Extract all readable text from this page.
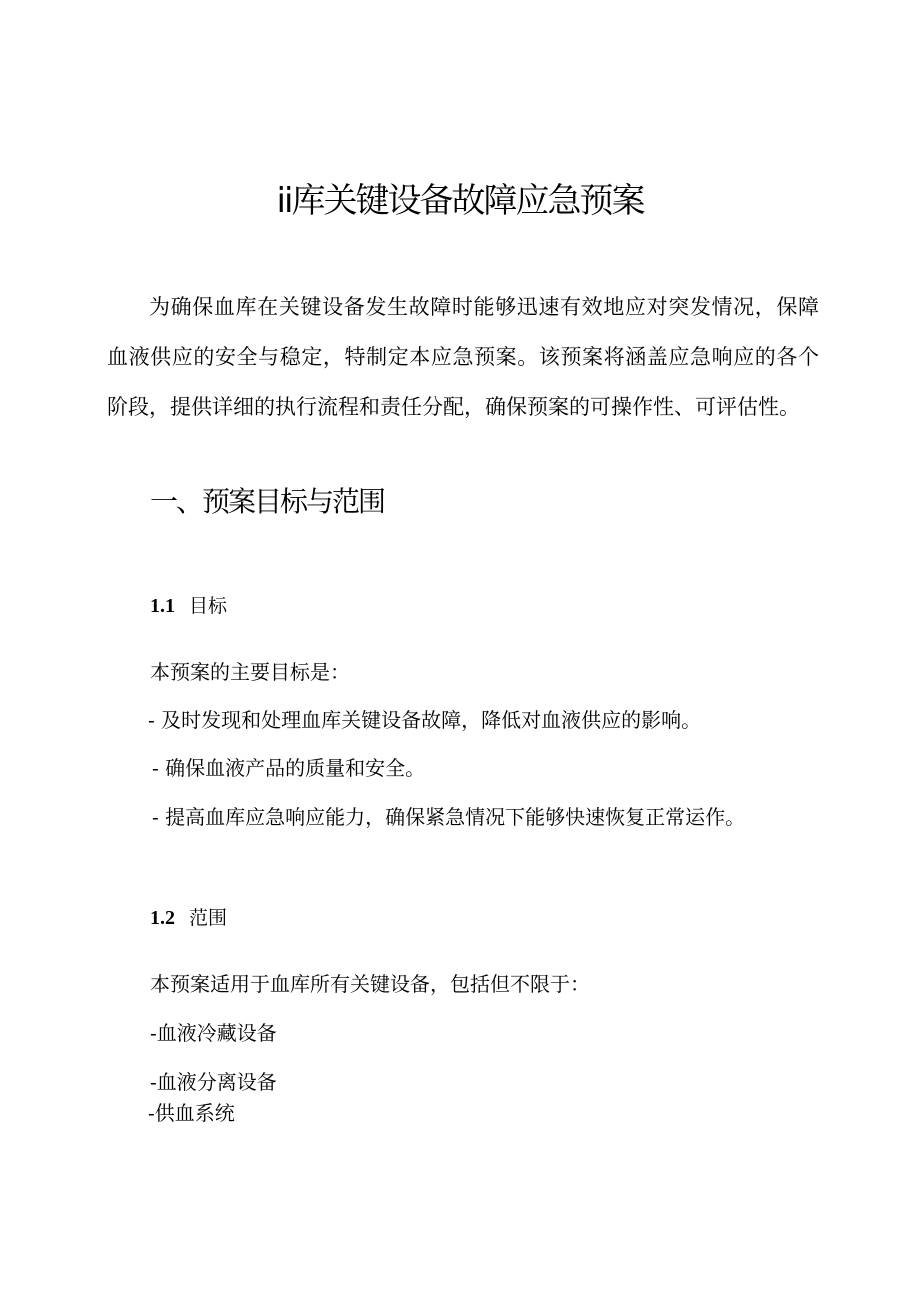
ii库关键设备故障应急预案
为确保血库在关键设备发生故障时能够迅速有效地应对突发情况，保障血液供应的安全与稳定，特制定本应急预案。该预案将涵盖应急响应的各个阶段，提供详细的执行流程和责任分配，确保预案的可操作性、可评估性。
一、预案目标与范围
1.1 目标
本预案的主要目标是：
- 及时发现和处理血库关键设备故障，降低对血液供应的影响。
- 确保血液产品的质量和安全。
- 提高血库应急响应能力，确保紧急情况下能够快速恢复正常运作。
1.2 范围
本预案适用于血库所有关键设备，包括但不限于：
-血液冷藏设备
-血液分离设备
-供血系统
